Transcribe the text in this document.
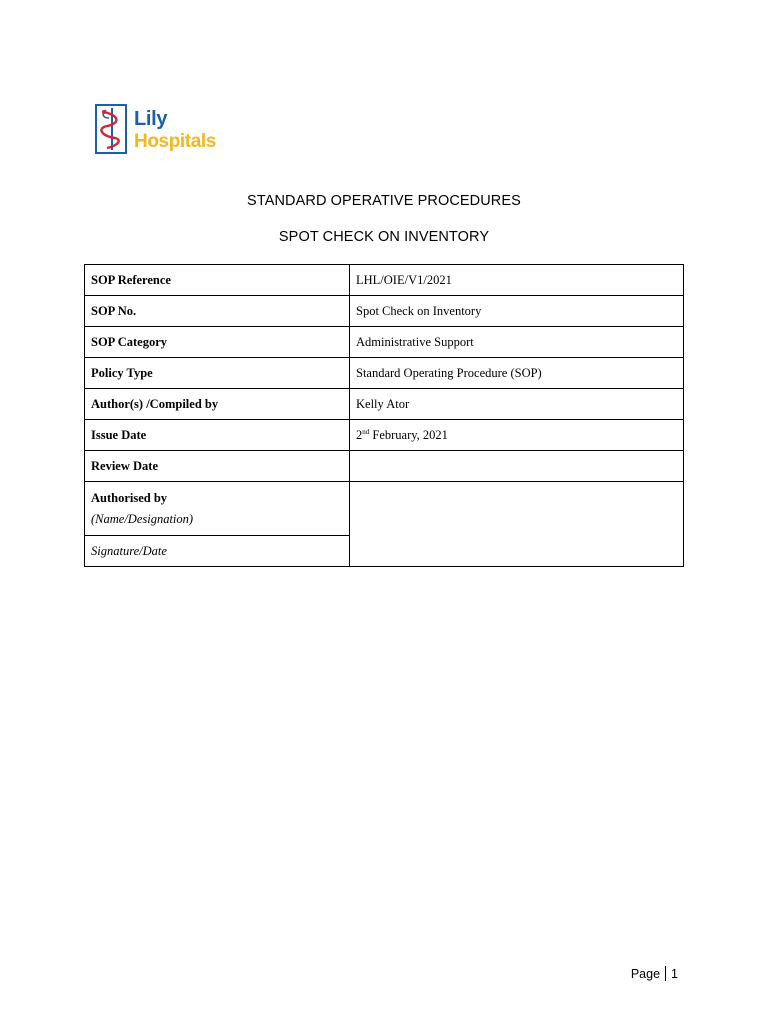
Lily
Hospitals
STANDARD OPERATIVE PROCEDURES
SPOT CHECK ON INVENTORY
SOP Reference	LHL/OIE/V1/2021
SOP No.	Spot Check on Inventory
SOP Category	Administrative Support
Policy Type	Standard Operating Procedure (SOP)
Author(s) /Compiled by	Kelly Ator
Issue Date	2nd February, 2021
Review Date	
Authorised by
(Name/Designation)	

Signature/Date	
Page 1
